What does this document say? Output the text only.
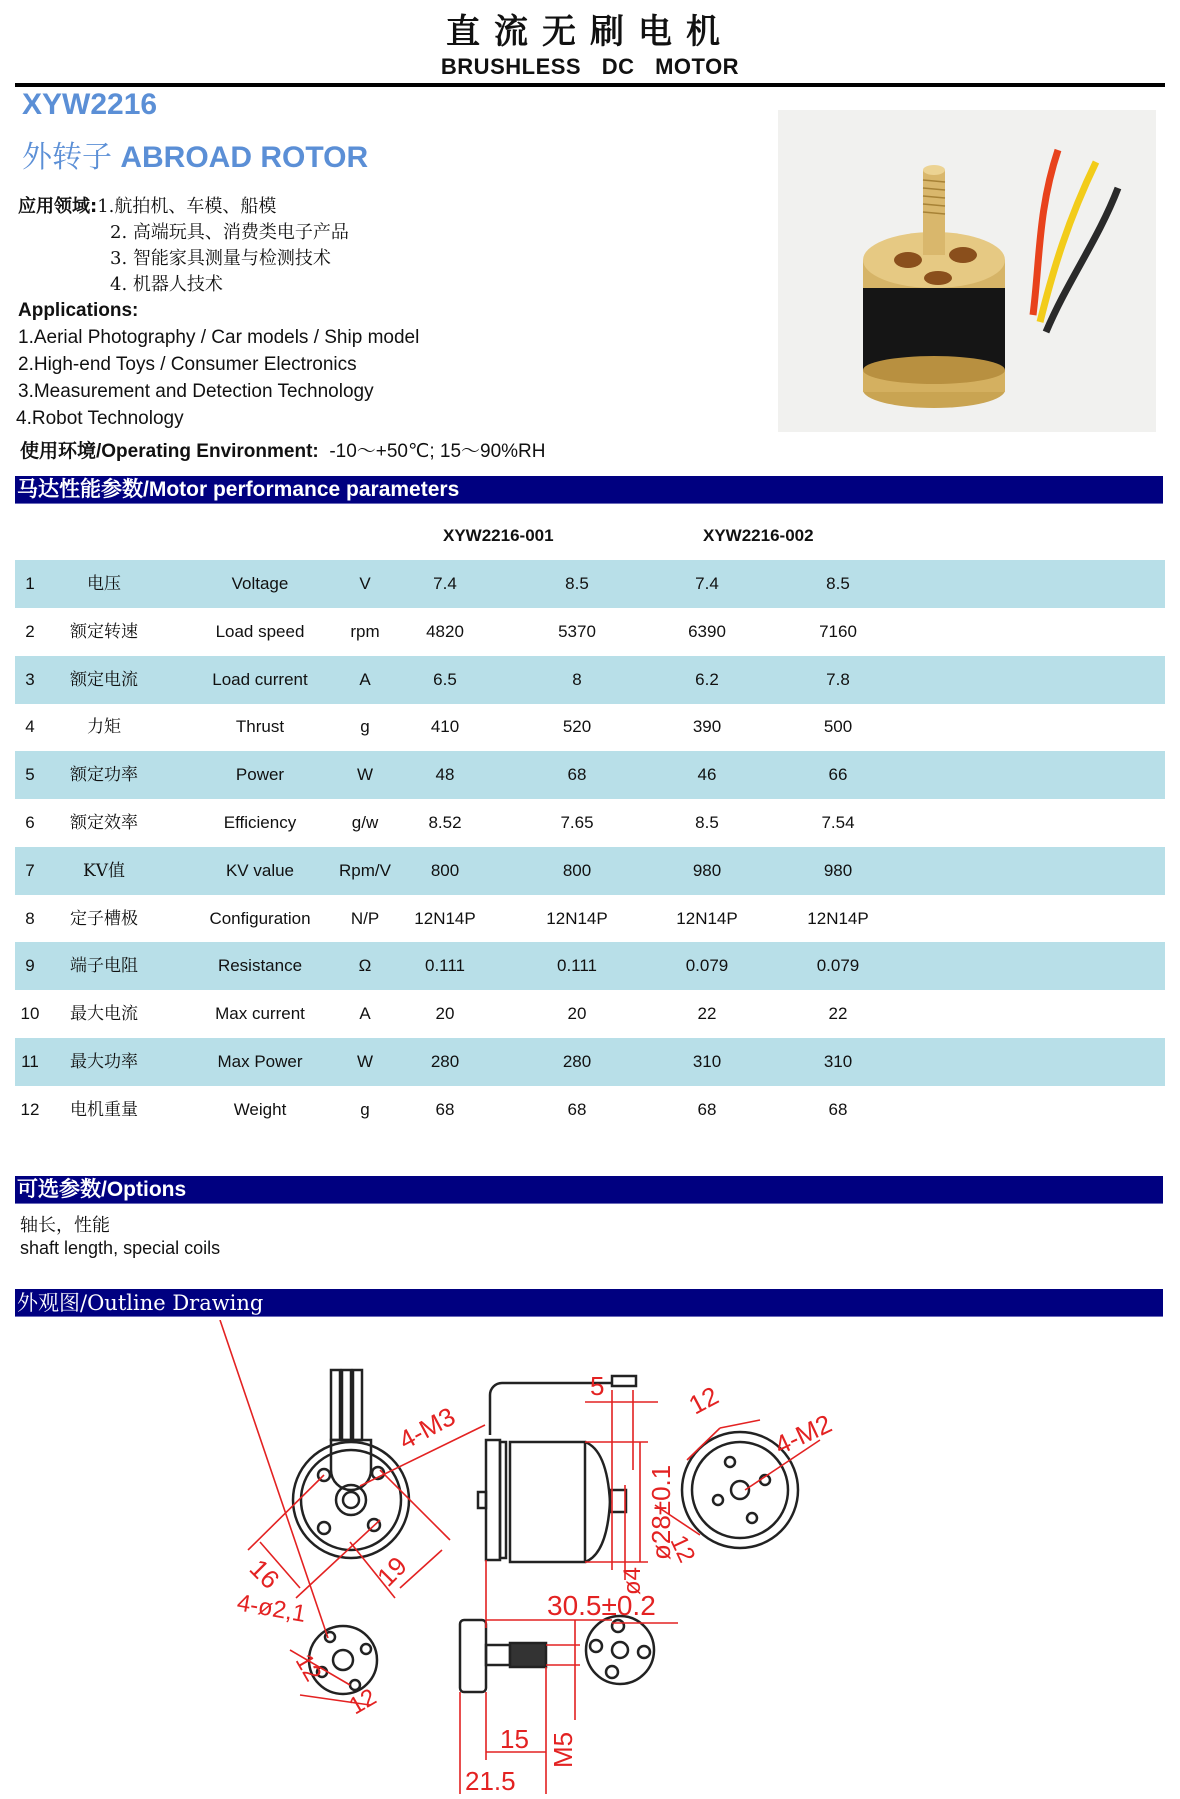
直流无刷电机
BRUSHLESS DC MOTOR
XYW2216
外转子 ABROAD ROTOR
应用领域:1.航拍机、车模、船模
2. 高端玩具、消费类电子产品
3. 智能家具测量与检测技术
4. 机器人技术
Applications:
1.Aerial Photography / Car models / Ship model
2.High-end Toys / Consumer Electronics
3.Measurement and Detection Technology
4.Robot Technology
使用环境/Operating Environment: -10～+50℃; 15～90%RH
马达性能参数/Motor performance parameters
XYW2216-001	XYW2216-002
1	电压	Voltage	V	7.4	8.5	7.4	8.5
2	额定转速	Load speed	rpm	4820	5370	6390	7160
3	额定电流	Load current	A	6.5	8	6.2	7.8
4	力矩	Thrust	g	410	520	390	500
5	额定功率	Power	W	48	68	46	66
6	额定效率	Efficiency	g/w	8.52	7.65	8.5	7.54
7	KV值	KV value	Rpm/V	800	800	980	980
8	定子槽极	Configuration	N/P	12N14P	12N14P	12N14P	12N14P
9	端子电阻	Resistance	Ω	0.111	0.111	0.079	0.079
10	最大电流	Max current	A	20	20	22	22
11	最大功率	Max Power	W	280	280	310	310
12	电机重量	Weight	g	68	68	68	68
可选参数/Options
轴长，性能
shaft length, special coils
外观图/Outline Drawing
4-M3
16	19
5
ø28±0.1
ø4
30.5±0.2
12
4-M2
12
4-ø2,1
12
12
15
21.5
M5
